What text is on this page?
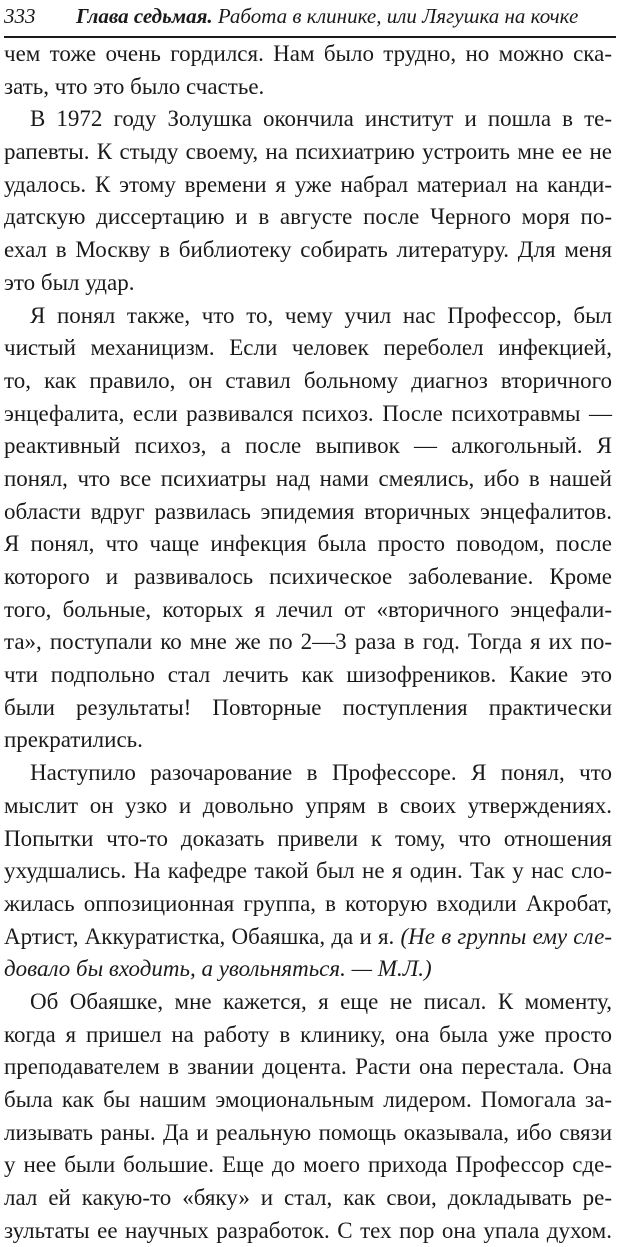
333 Глава седьмая. Работа в клинике, или Лягушка на кочке
чем тоже очень гордился. Нам было трудно, но можно ска-
зать, что это было счастье.
В 1972 году Золушка окончила институт и пошла в те-
рапевты. К стыду своему, на психиатрию устроить мне ее не
удалось. К этому времени я уже набрал материал на канди-
датскую диссертацию и в августе после Черного моря по-
ехал в Москву в библиотеку собирать литературу. Для меня
это был удар.
Я понял также, что то, чему учил нас Профессор, был
чистый механицизм. Если человек переболел инфекцией,
то, как правило, он ставил больному диагноз вторичного
энцефалита, если развивался психоз. После психотравмы —
реактивный психоз, а после выпивок — алкогольный. Я
понял, что все психиатры над нами смеялись, ибо в нашей
области вдруг развилась эпидемия вторичных энцефалитов.
Я понял, что чаще инфекция была просто поводом, после
которого и развивалось психическое заболевание. Кроме
того, больные, которых я лечил от «вторичного энцефали-
та», поступали ко мне же по 2—3 раза в год. Тогда я их по-
чти подпольно стал лечить как шизофреников. Какие это
были результаты! Повторные поступления практически
прекратились.
Наступило разочарование в Профессоре. Я понял, что
мыслит он узко и довольно упрям в своих утверждениях.
Попытки что-то доказать привели к тому, что отношения
ухудшались. На кафедре такой был не я один. Так у нас сло-
жилась оппозиционная группа, в которую входили Акробат,
Артист, Аккуратистка, Обаяшка, да и я. (Не в группы ему сле-
довало бы входить, а увольняться. — М.Л.)
Об Обаяшке, мне кажется, я еще не писал. К моменту,
когда я пришел на работу в клинику, она была уже просто
преподавателем в звании доцента. Расти она перестала. Она
была как бы нашим эмоциональным лидером. Помогала за-
лизывать раны. Да и реальную помощь оказывала, ибо связи
у нее были большие. Еще до моего прихода Профессор сде-
лал ей какую-то «бяку» и стал, как свои, докладывать ре-
зультаты ее научных разработок. С тех пор она упала духом.
